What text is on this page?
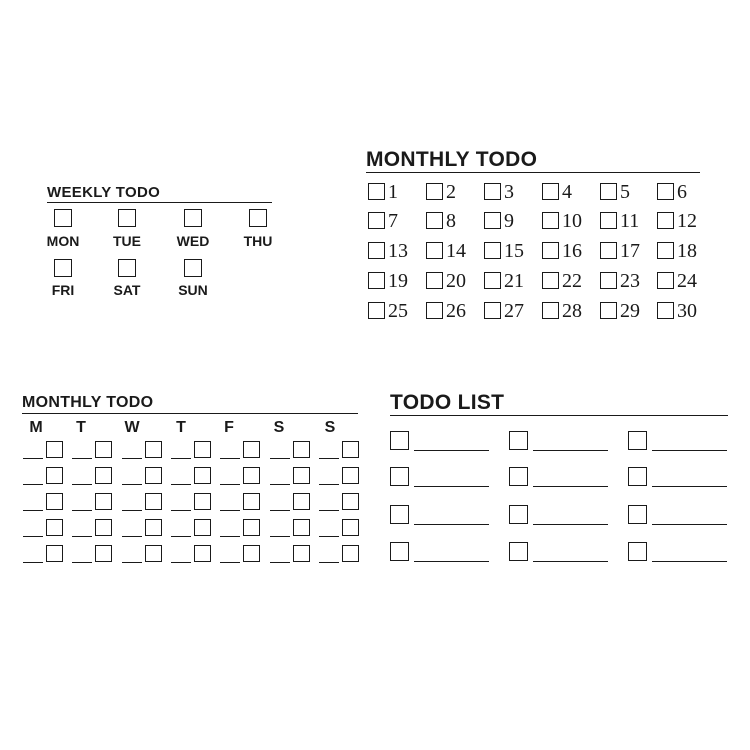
WEEKLY TODO
MON	TUE	WED	THU
FRI	SAT	SUN
MONTHLY TODO
1 2 3 4 5 6
7 8 9 10 11 12
13 14 15 16 17 18
19 20 21 22 23 24
25 26 27 28 29 30
MONTHLY TODO
M	T	W	T	F	S	S
TODO LIST
